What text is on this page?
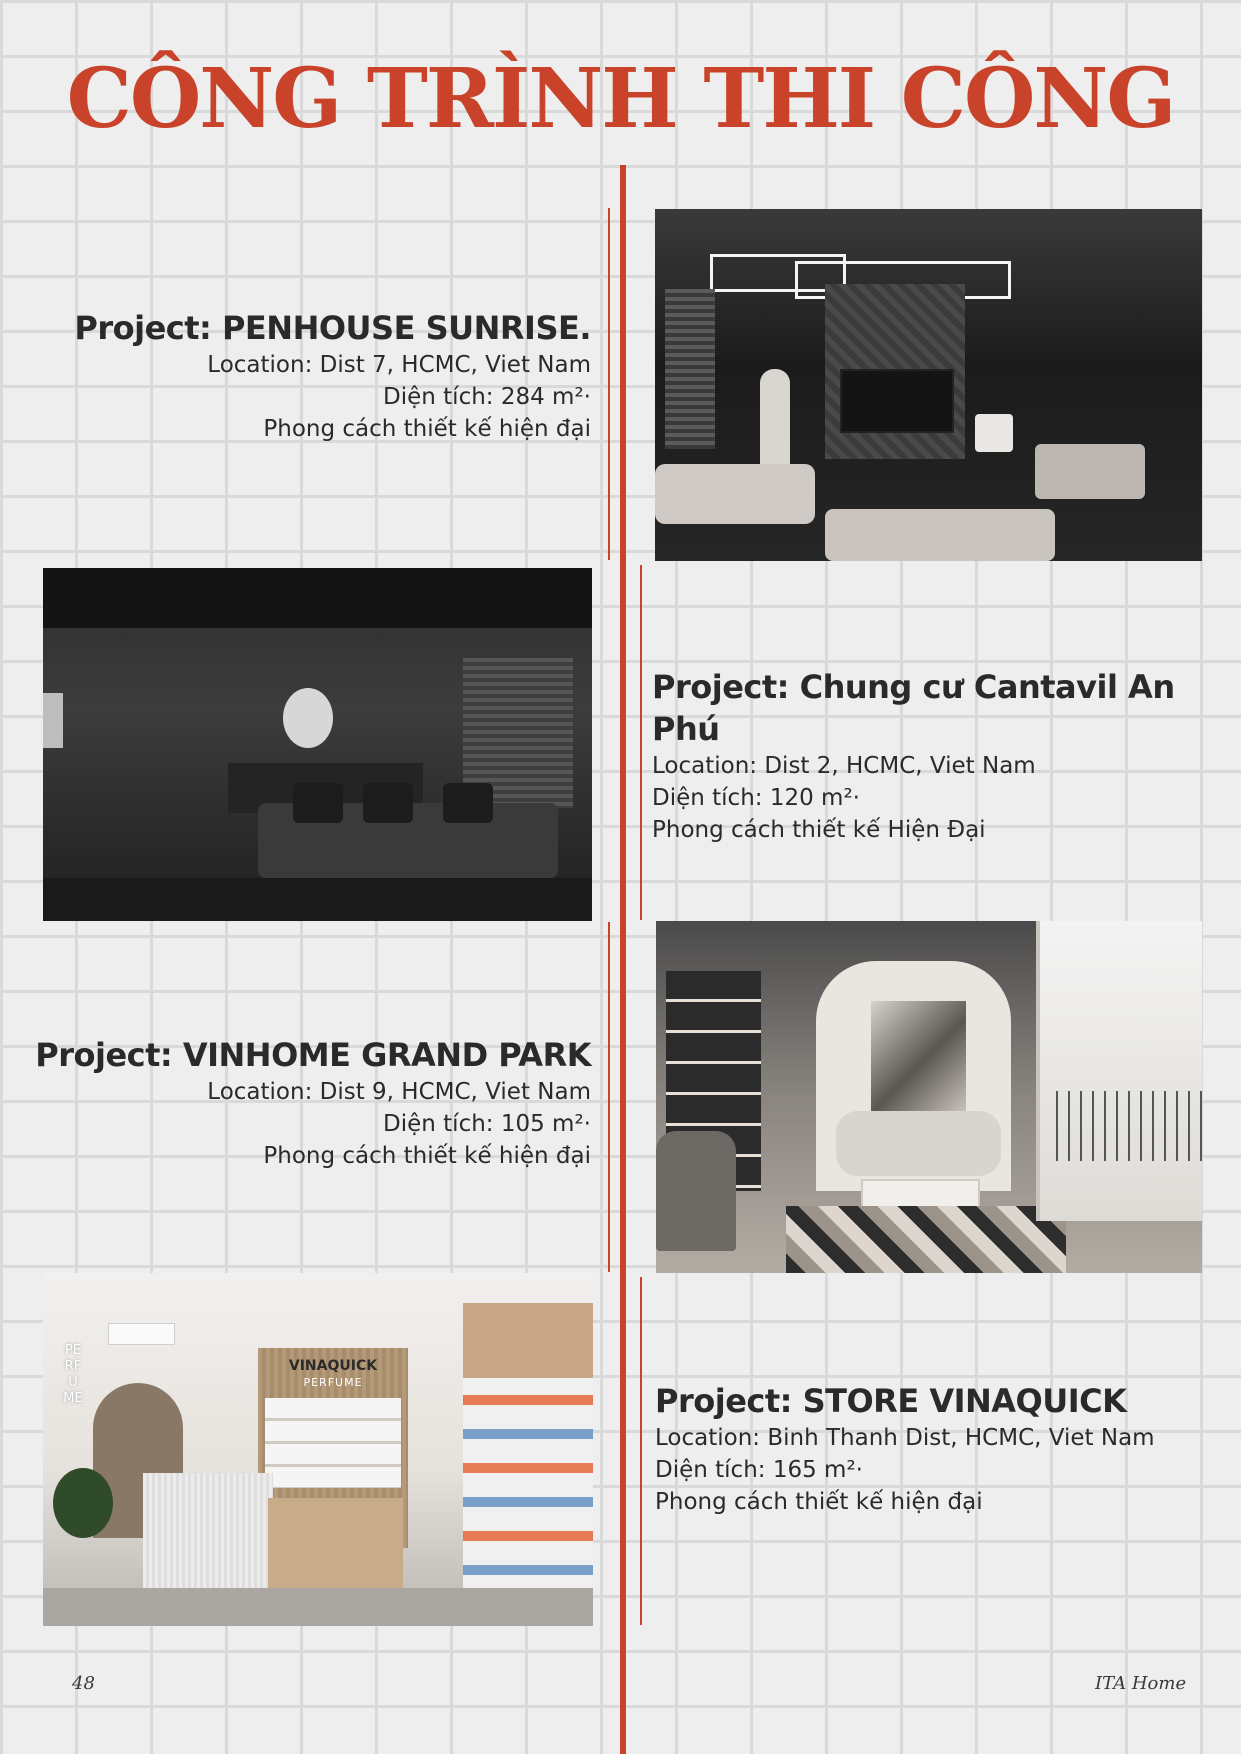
CÔNG TRÌNH THI CÔNG
Project: PENHOUSE SUNRISE.
Location: Dist 7, HCMC, Viet Nam
Diện tích: 284 m²·
Phong cách thiết kế hiện đại
Project: Chung cư Cantavil An Phú
Location: Dist 2, HCMC, Viet Nam
Diện tích: 120 m²·
Phong cách thiết kế Hiện Đại
Project: VINHOME GRAND PARK
Location: Dist 9, HCMC, Viet Nam
Diện tích: 105 m²·
Phong cách thiết kế hiện đại
PERFUME
VINAQUICK
PERFUME	Project: STORE VINAQUICK
Location: Binh Thanh Dist, HCMC, Viet Nam
Diện tích: 165 m²·
Phong cách thiết kế hiện đại
48	ITA Home
